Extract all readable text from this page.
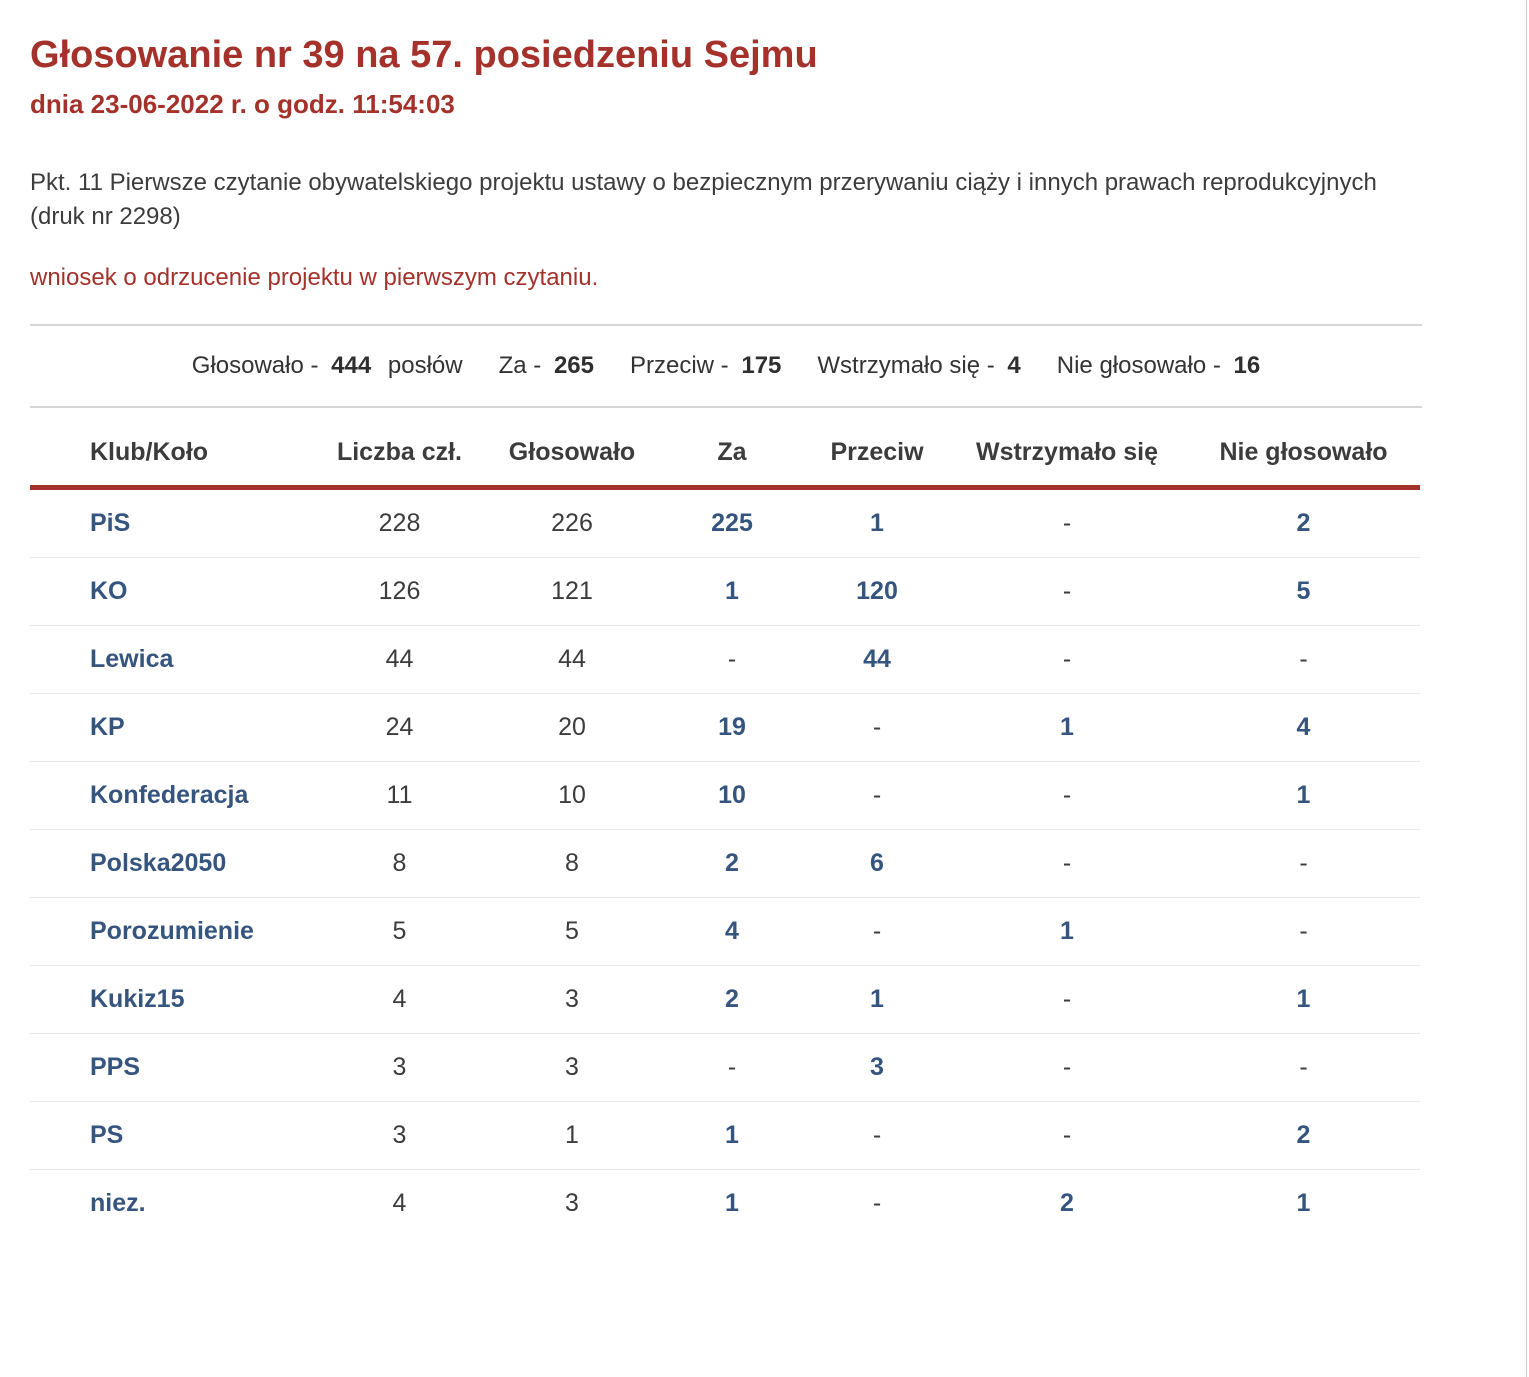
Głosowanie nr 39 na 57. posiedzeniu Sejmu
dnia 23-06-2022 r. o godz. 11:54:03

Pkt. 11 Pierwsze czytanie obywatelskiego projektu ustawy o bezpiecznym przerywaniu ciąży i innych prawach reprodukcyjnych (druk nr 2298)

wniosek o odrzucenie projektu w pierwszym czytaniu.
Głosowało - 444 posłów Za - 265 Przeciw - 175 Wstrzymało się - 4 Nie głosowało - 16
Klub/Koło	Liczba czł.	Głosowało	Za	Przeciw	Wstrzymało się	Nie głosowało
PiS	228	226	225	1	-	2
KO	126	121	1	120	-	5
Lewica	44	44	-	44	-	-
KP	24	20	19	-	1	4
Konfederacja	11	10	10	-	-	1
Polska2050	8	8	2	6	-	-
Porozumienie	5	5	4	-	1	-
Kukiz15	4	3	2	1	-	1
PPS	3	3	-	3	-	-
PS	3	1	1	-	-	2
niez.	4	3	1	-	2	1
